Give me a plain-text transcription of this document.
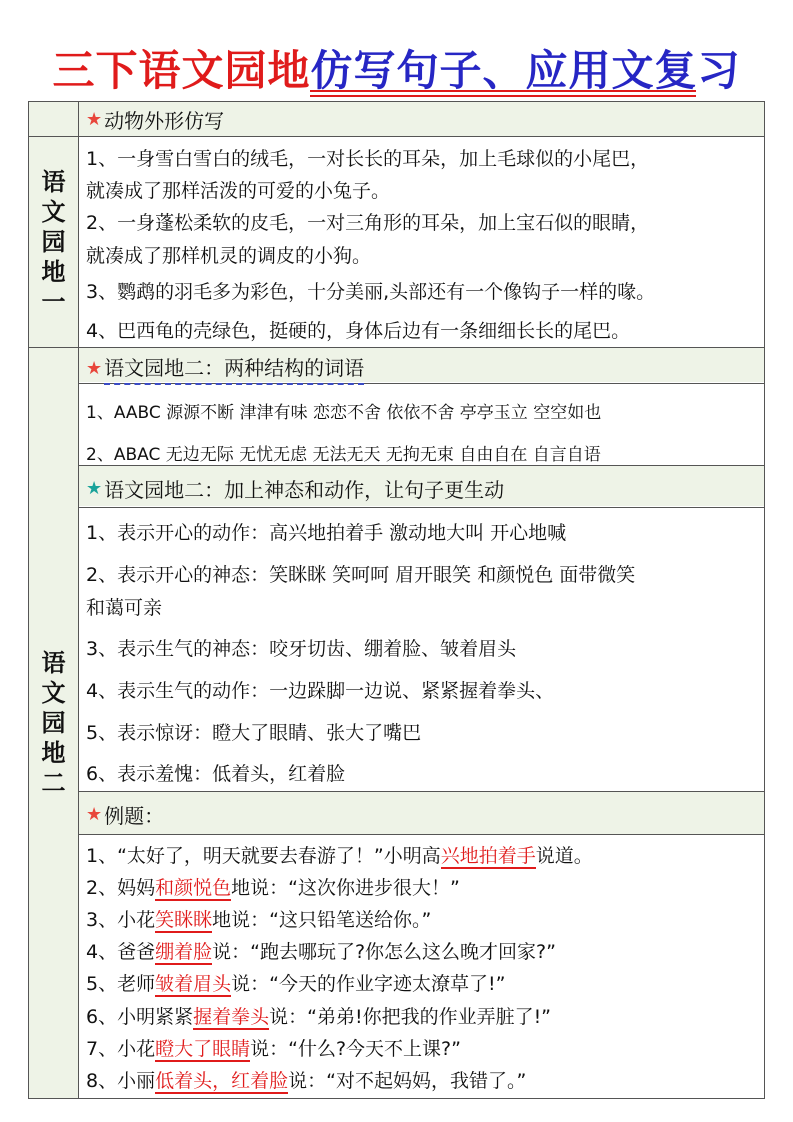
三下语文园地仿写句子、应用文复习
语文园地一
语文园地二
★ 动物外形仿写
1、一身雪白雪白的绒毛，一对长长的耳朵，加上毛球似的小尾巴，
就凑成了那样活泼的可爱的小兔子。
2、一身蓬松柔软的皮毛，一对三角形的耳朵，加上宝石似的眼睛，
就凑成了那样机灵的调皮的小狗。
3、鹦鹉的羽毛多为彩色，十分美丽,头部还有一个像钩子一样的喙。
4、巴西龟的壳绿色，挺硬的，身体后边有一条细细长长的尾巴。
★ 语文园地二：两种结构的词语
1、AABC 源源不断 津津有味 恋恋不舍 依依不舍 亭亭玉立 空空如也
2、ABAC 无边无际 无忧无虑 无法无天 无拘无束 自由自在 自言自语
★ 语文园地二：加上神态和动作，让句子更生动
1、表示开心的动作：高兴地拍着手 激动地大叫 开心地喊
2、表示开心的神态：笑眯眯 笑呵呵 眉开眼笑 和颜悦色 面带微笑
和蔼可亲
3、表示生气的神态：咬牙切齿、绷着脸、皱着眉头
4、表示生气的动作：一边跺脚一边说、紧紧握着拳头、
5、表示惊讶：瞪大了眼睛、张大了嘴巴
6、表示羞愧：低着头，红着脸
★ 例题：
1、“太好了，明天就要去春游了！”小明高兴地拍着手说道。
2、妈妈和颜悦色地说：“这次你进步很大！”
3、小花笑眯眯地说：“这只铅笔送给你。”
4、爸爸绷着脸说：“跑去哪玩了?你怎么这么晚才回家?”
5、老师皱着眉头说：“今天的作业字迹太潦草了!”
6、小明紧紧握着拳头说：“弟弟!你把我的作业弄脏了!”
7、小花瞪大了眼睛说：“什么?今天不上课?”
8、小丽低着头，红着脸说：“对不起妈妈，我错了。”
